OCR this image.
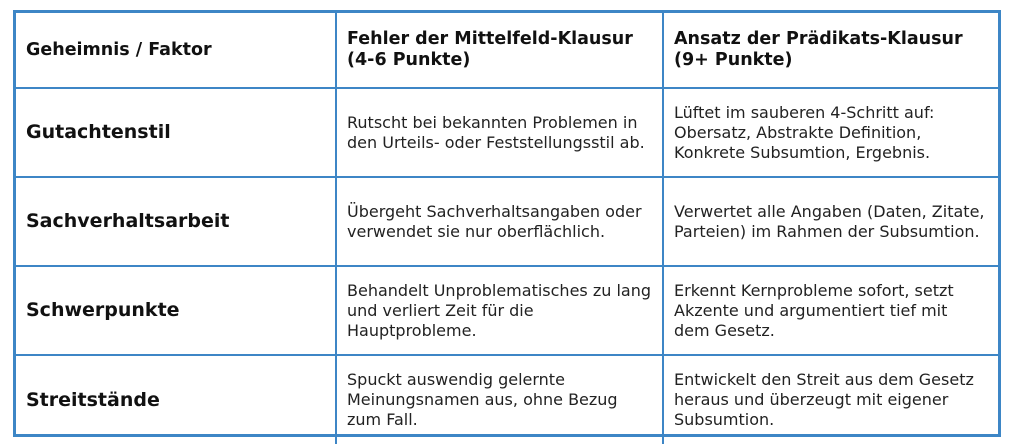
Geheimnis / Faktor	Fehler der Mittelfeld-Klausur (4-6 Punkte)	Ansatz der Prädikats-Klausur (9+ Punkte)

Gutachtenstil	Rutscht bei bekannten Problemen in den Urteils- oder Feststellungsstil ab.	Lüftet im sauberen 4-Schritt auf: Obersatz, Abstrakte Definition, Konkrete Subsumtion, Ergebnis.

Sachverhaltsarbeit	Übergeht Sachverhaltsangaben oder verwendet sie nur oberflächlich.	Verwertet alle Angaben (Daten, Zitate, Parteien) im Rahmen der Subsumtion.

Schwerpunkte	Behandelt Unproblematisches zu lang und verliert Zeit für die Hauptprobleme.	Erkennt Kernprobleme sofort, setzt Akzente und argumentiert tief mit dem Gesetz.

Streitstände	Spuckt auswendig gelernte Meinungsnamen aus, ohne Bezug zum Fall.	Entwickelt den Streit aus dem Gesetz heraus und überzeugt mit eigener Subsumtion.
